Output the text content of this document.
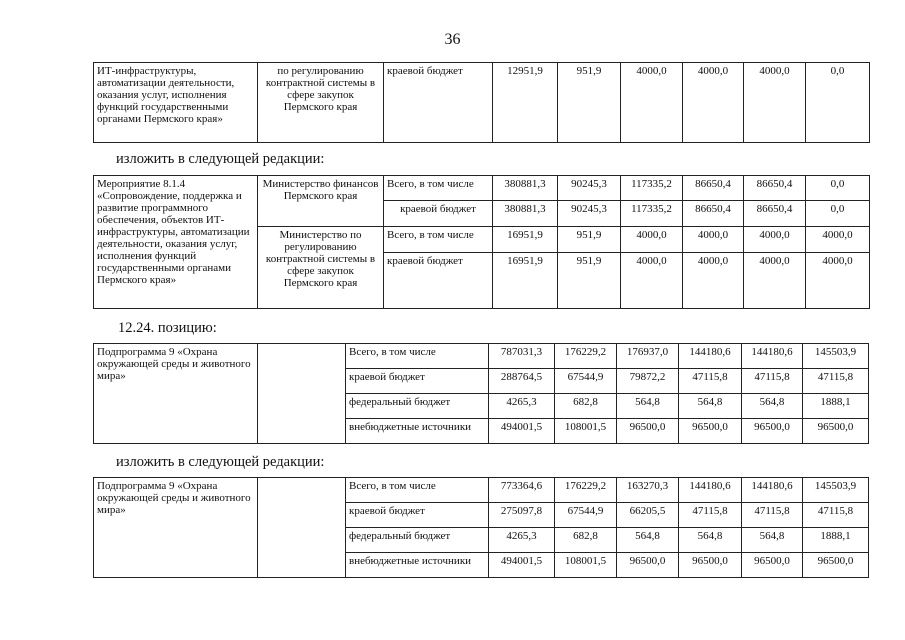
36
ИТ-инфраструктуры, автоматизации деятельности, оказания услуг, исполнения функций государственными органами Пермского края»	по регулированию контрактной системы в сфере закупок Пермского края	краевой бюджет	12951,9	951,9	4000,0	4000,0	4000,0	0,0
изложить в следующей редакции:
Мероприятие 8.1.4 «Сопровождение, поддержка и развитие программного обеспечения, объектов ИТ-инфраструктуры, автоматизации деятельности, оказания услуг, исполнения функций государственными органами Пермского края»	Министерство финансов Пермского края	Всего, в том числе	380881,3	90245,3	117335,2	86650,4	86650,4	0,0
		краевой бюджет	380881,3	90245,3	117335,2	86650,4	86650,4	0,0
	Министерство по регулированию контрактной системы в сфере закупок Пермского края	Всего, в том числе	16951,9	951,9	4000,0	4000,0	4000,0	4000,0
		краевой бюджет	16951,9	951,9	4000,0	4000,0	4000,0	4000,0
12.24. позицию:
Подпрограмма 9 «Охрана окружающей среды и животного мира»		Всего, в том числе	787031,3	176229,2	176937,0	144180,6	144180,6	145503,9
		краевой бюджет	288764,5	67544,9	79872,2	47115,8	47115,8	47115,8
		федеральный бюджет	4265,3	682,8	564,8	564,8	564,8	1888,1
		внебюджетные источники	494001,5	108001,5	96500,0	96500,0	96500,0	96500,0
изложить в следующей редакции:
Подпрограмма 9 «Охрана окружающей среды и животного мира»		Всего, в том числе	773364,6	176229,2	163270,3	144180,6	144180,6	145503,9
		краевой бюджет	275097,8	67544,9	66205,5	47115,8	47115,8	47115,8
		федеральный бюджет	4265,3	682,8	564,8	564,8	564,8	1888,1
		внебюджетные источники	494001,5	108001,5	96500,0	96500,0	96500,0	96500,0
